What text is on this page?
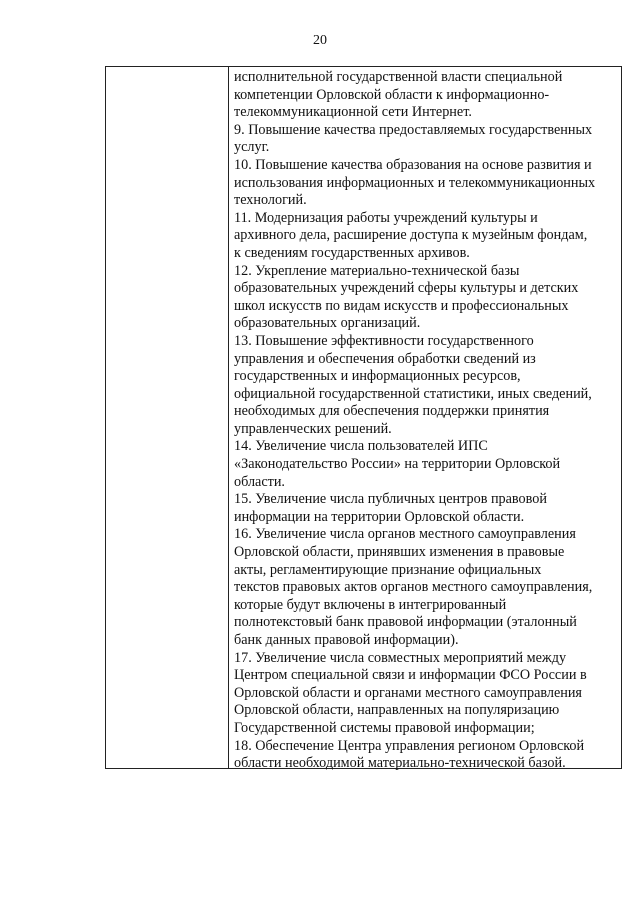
20
исполнительной государственной власти специальной
компетенции Орловской области к информационно-
телекоммуникационной сети Интернет.
9. Повышение качества предоставляемых государственных
услуг.
10. Повышение качества образования на основе развития и
использования информационных и телекоммуникационных
технологий.
11. Модернизация работы учреждений культуры и
архивного дела, расширение доступа к музейным фондам,
к сведениям государственных архивов.
12. Укрепление материально-технической базы
образовательных учреждений сферы культуры и детских
школ искусств по видам искусств и профессиональных
образовательных организаций.
13. Повышение эффективности государственного
управления и обеспечения обработки сведений из
государственных и информационных ресурсов,
официальной государственной статистики, иных сведений,
необходимых для обеспечения поддержки принятия
управленческих решений.
14. Увеличение числа пользователей ИПС
«Законодательство России» на территории Орловской
области.
15. Увеличение числа публичных центров правовой
информации на территории Орловской области.
16. Увеличение числа органов местного самоуправления
Орловской области, принявших изменения в правовые
акты, регламентирующие признание официальных
текстов правовых актов органов местного самоуправления,
которые будут включены в интегрированный
полнотекстовый банк правовой информации (эталонный
банк данных правовой информации).
17. Увеличение числа совместных мероприятий между
Центром специальной связи и информации ФСО России в
Орловской области и органами местного самоуправления
Орловской области, направленных на популяризацию
Государственной системы правовой информации;
18. Обеспечение Центра управления регионом Орловской
области необходимой материально-технической базой.
